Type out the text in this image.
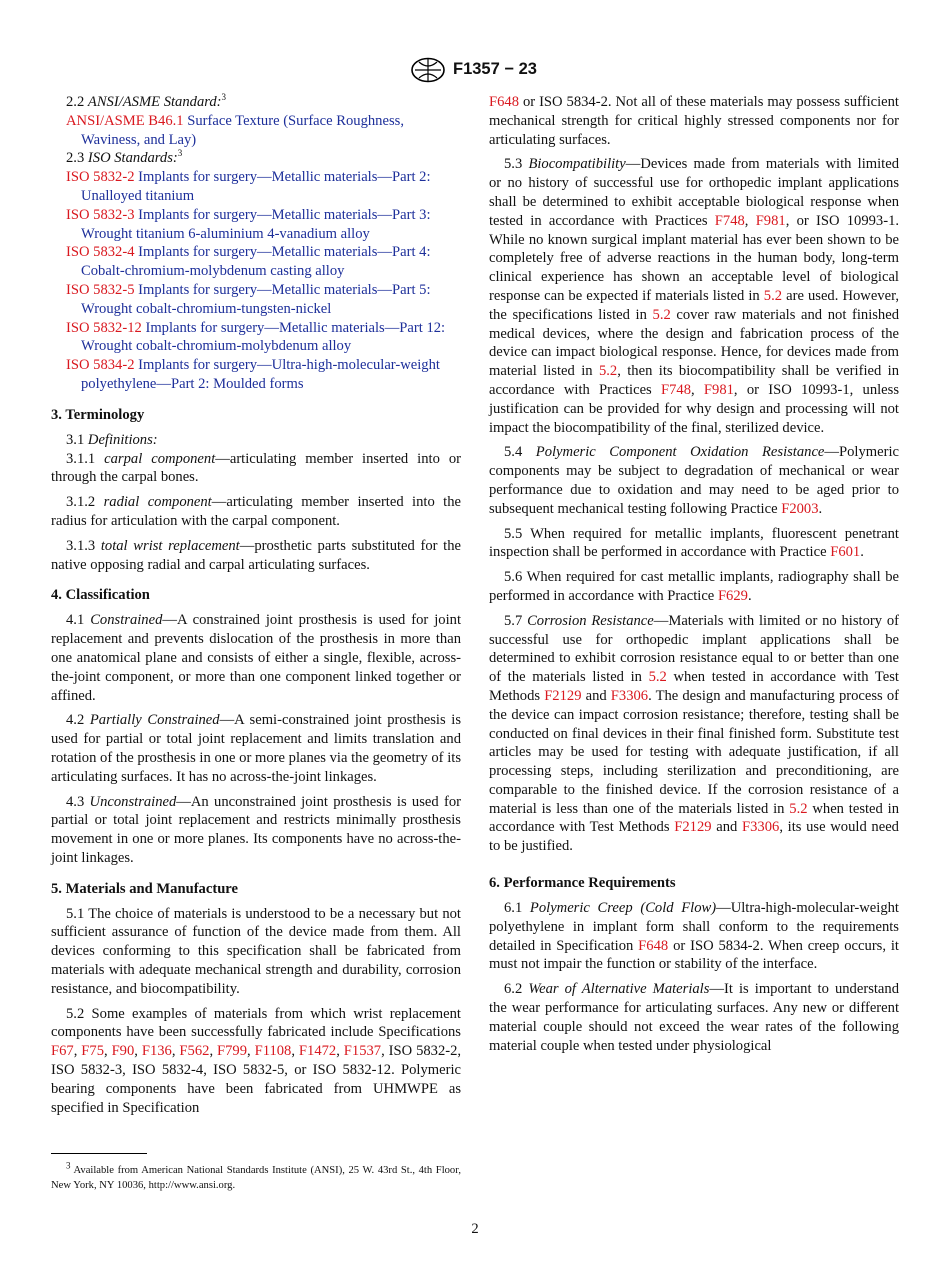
F1357 − 23

2.2 ANSI/ASME Standard:$^3$

ANSI/ASME B46.1 Surface Texture (Surface Roughness, Waviness, and Lay)

2.3 ISO Standards:$^3$

ISO 5832-2 Implants for surgery—Metallic materials—Part 2: Unalloyed titanium

ISO 5832-3 Implants for surgery—Metallic materials—Part 3: Wrought titanium 6-aluminium 4-vanadium alloy

ISO 5832-4 Implants for surgery—Metallic materials—Part 4: Cobalt-chromium-molybdenum casting alloy

ISO 5832-5 Implants for surgery—Metallic materials—Part 5: Wrought cobalt-chromium-tungsten-nickel

ISO 5832-12 Implants for surgery—Metallic materials—Part 12: Wrought cobalt-chromium-molybdenum alloy

ISO 5834-2 Implants for surgery—Ultra-high-molecular-weight polyethylene—Part 2: Moulded forms

3. Terminology

3.1 Definitions:

3.1.1 carpal component—articulating member inserted into or through the carpal bones.

3.1.2 radial component—articulating member inserted into the radius for articulation with the carpal component.

3.1.3 total wrist replacement—prosthetic parts substituted for the native opposing radial and carpal articulating surfaces.

4. Classification

4.1 Constrained—A constrained joint prosthesis is used for joint replacement and prevents dislocation of the prosthesis in more than one anatomical plane and consists of either a single, flexible, across-the-joint component, or more than one component linked together or affined.

4.2 Partially Constrained—A semi-constrained joint prosthesis is used for partial or total joint replacement and limits translation and rotation of the prosthesis in one or more planes via the geometry of its articulating surfaces. It has no across-the-joint linkages.

4.3 Unconstrained—An unconstrained joint prosthesis is used for partial or total joint replacement and restricts minimally prosthesis movement in one or more planes. Its components have no across-the-joint linkages.

5. Materials and Manufacture

5.1 The choice of materials is understood to be a necessary but not sufficient assurance of function of the device made from them. All devices conforming to this specification shall be fabricated from materials with adequate mechanical strength and durability, corrosion resistance, and biocompatibility.

5.2 Some examples of materials from which wrist replacement components have been successfully fabricated include Specifications F67, F75, F90, F136, F562, F799, F1108, F1472, F1537, ISO 5832-2, ISO 5832-3, ISO 5832-4, ISO 5832-5, or ISO 5832-12. Polymeric bearing components have been fabricated from UHMWPE as specified in Specification

$^3$ Available from American National Standards Institute (ANSI), 25 W. 43rd St., 4th Floor, New York, NY 10036, http://www.ansi.org.

F648 or ISO 5834-2. Not all of these materials may possess sufficient mechanical strength for critical highly stressed components nor for articulating surfaces.

5.3 Biocompatibility—Devices made from materials with limited or no history of successful use for orthopedic implant applications shall be determined to exhibit acceptable biological response when tested in accordance with Practices F748, F981, or ISO 10993-1. While no known surgical implant material has ever been shown to be completely free of adverse reactions in the human body, long-term clinical experience has shown an acceptable level of biological response can be expected if materials listed in 5.2 are used. However, the specifications listed in 5.2 cover raw materials and not finished medical devices, where the design and fabrication process of the device can impact biological response. Hence, for devices made from material listed in 5.2, then its biocompatibility shall be verified in accordance with Practices F748, F981, or ISO 10993-1, unless justification can be provided for why design and processing will not impact the biocompatibility of the final, sterilized device.

5.4 Polymeric Component Oxidation Resistance—Polymeric components may be subject to degradation of mechanical or wear performance due to oxidation and may need to be aged prior to subsequent mechanical testing following Practice F2003.

5.5 When required for metallic implants, fluorescent penetrant inspection shall be performed in accordance with Practice F601.

5.6 When required for cast metallic implants, radiography shall be performed in accordance with Practice F629.

5.7 Corrosion Resistance—Materials with limited or no history of successful use for orthopedic implant applications shall be determined to exhibit corrosion resistance equal to or better than one of the materials listed in 5.2 when tested in accordance with Test Methods F2129 and F3306. The design and manufacturing process of the device can impact corrosion resistance; therefore, testing shall be conducted on final devices in their final finished form. Substitute test articles may be used for testing with adequate justification, if all processing steps, including sterilization and preconditioning, are comparable to the finished device. If the corrosion resistance of a material is less than one of the materials listed in 5.2 when tested in accordance with Test Methods F2129 and F3306, its use would need to be justified.

6. Performance Requirements

6.1 Polymeric Creep (Cold Flow)—Ultra-high-molecular-weight polyethylene in implant form shall conform to the requirements detailed in Specification F648 or ISO 5834-2. When creep occurs, it must not impair the function or stability of the interface.

6.2 Wear of Alternative Materials—It is important to understand the wear performance for articulating surfaces. Any new or different material couple should not exceed the wear rates of the following material couple when tested under physiological

2
